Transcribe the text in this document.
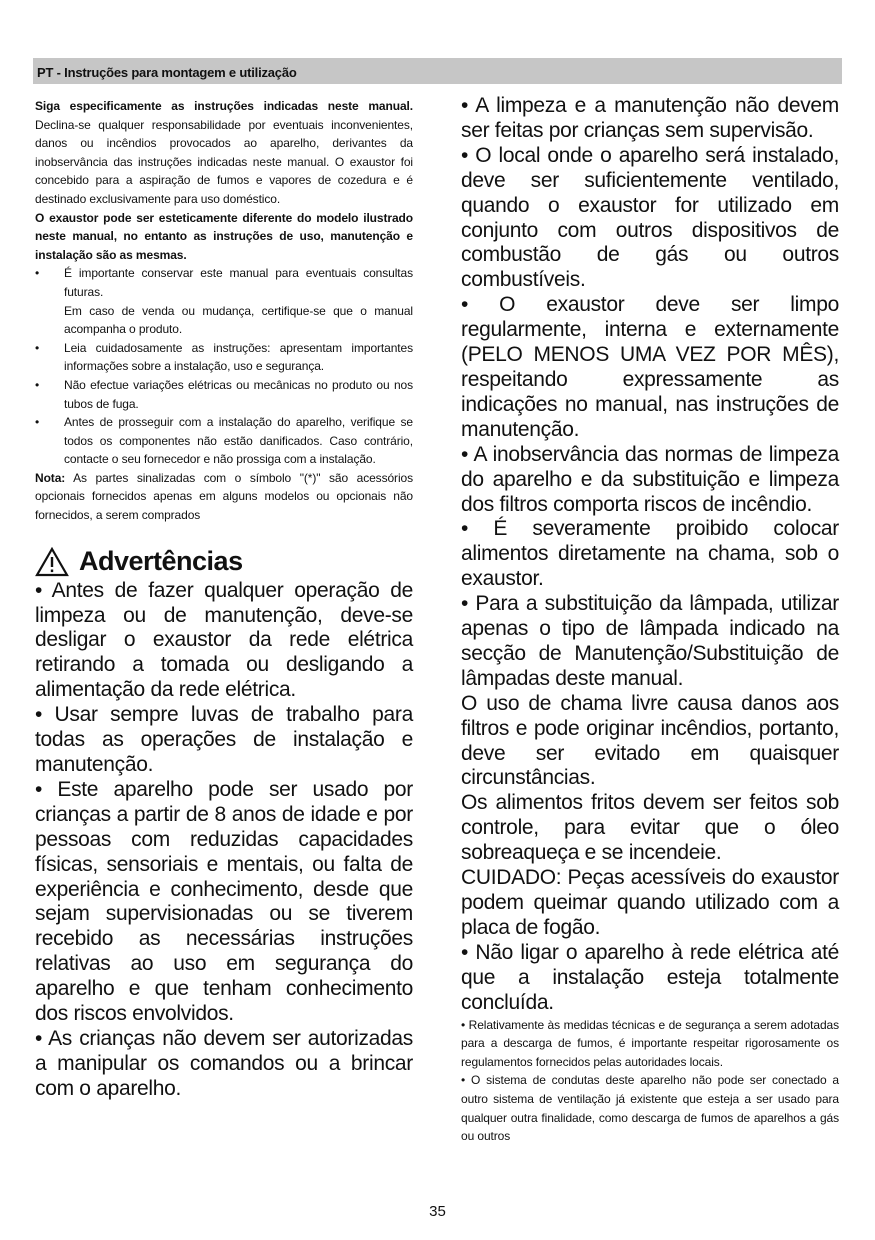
PT - Instruções para montagem e utilização

Siga especificamente as instruções indicadas neste manual. Declina-se qualquer responsabilidade por eventuais inconvenientes, danos ou incêndios provocados ao aparelho, derivantes da inobservância das instruções indicadas neste manual. O exaustor foi concebido para a aspiração de fumos e vapores de cozedura e é destinado exclusivamente para uso doméstico.

O exaustor pode ser esteticamente diferente do modelo ilustrado neste manual, no entanto as instruções de uso, manutenção e instalação são as mesmas.

• É importante conservar este manual para eventuais consultas futuras.
Em caso de venda ou mudança, certifique-se que o manual acompanha o produto.
• Leia cuidadosamente as instruções: apresentam importantes informações sobre a instalação, uso e segurança.
• Não efectue variações elétricas ou mecânicas no produto ou nos tubos de fuga.
• Antes de prosseguir com a instalação do aparelho, verifique se todos os componentes não estão danificados. Caso contrário, contacte o seu fornecedor e não prossiga com a instalação.

Nota: As partes sinalizadas com o símbolo "(*)" são acessórios opcionais fornecidos apenas em alguns modelos ou opcionais não fornecidos, a serem comprados

Advertências

• Antes de fazer qualquer operação de limpeza ou de manutenção, deve-se desligar o exaustor da rede elétrica retirando a tomada ou desligando a alimentação da rede elétrica.

• Usar sempre luvas de trabalho para todas as operações de instalação e manutenção.

• Este aparelho pode ser usado por crianças a partir de 8 anos de idade e por pessoas com reduzidas capacidades físicas, sensoriais e mentais, ou falta de experiência e conhecimento, desde que sejam supervisionadas ou se tiverem recebido as necessárias instruções relativas ao uso em segurança do aparelho e que tenham conhecimento dos riscos envolvidos.

• As crianças não devem ser autorizadas a manipular os comandos ou a brincar com o aparelho.

• A limpeza e a manutenção não devem ser feitas por crianças sem supervisão.

• O local onde o aparelho será instalado, deve ser suficientemente ventilado, quando o exaustor for utilizado em conjunto com outros dispositivos de combustão de gás ou outros combustíveis.

• O exaustor deve ser limpo regularmente, interna e externamente (PELO MENOS UMA VEZ POR MÊS), respeitando expressamente as indicações no manual, nas instruções de manutenção.

• A inobservância das normas de limpeza do aparelho e da substituição e limpeza dos filtros comporta riscos de incêndio.

• É severamente proibido colocar alimentos diretamente na chama, sob o exaustor.

• Para a substituição da lâmpada, utilizar apenas o tipo de lâmpada indicado na secção de Manutenção/Substituição de lâmpadas deste manual.

O uso de chama livre causa danos aos filtros e pode originar incêndios, portanto, deve ser evitado em quaisquer circunstâncias.

Os alimentos fritos devem ser feitos sob controle, para evitar que o óleo sobreaqueça e se incendeie.

CUIDADO: Peças acessíveis do exaustor podem queimar quando utilizado com a placa de fogão.

• Não ligar o aparelho à rede elétrica até que a instalação esteja totalmente concluída.

• Relativamente às medidas técnicas e de segurança a serem adotadas para a descarga de fumos, é importante respeitar rigorosamente os regulamentos fornecidos pelas autoridades locais.

• O sistema de condutas deste aparelho não pode ser conectado a outro sistema de ventilação já existente que esteja a ser usado para qualquer outra finalidade, como descarga de fumos de aparelhos a gás ou outros

35
